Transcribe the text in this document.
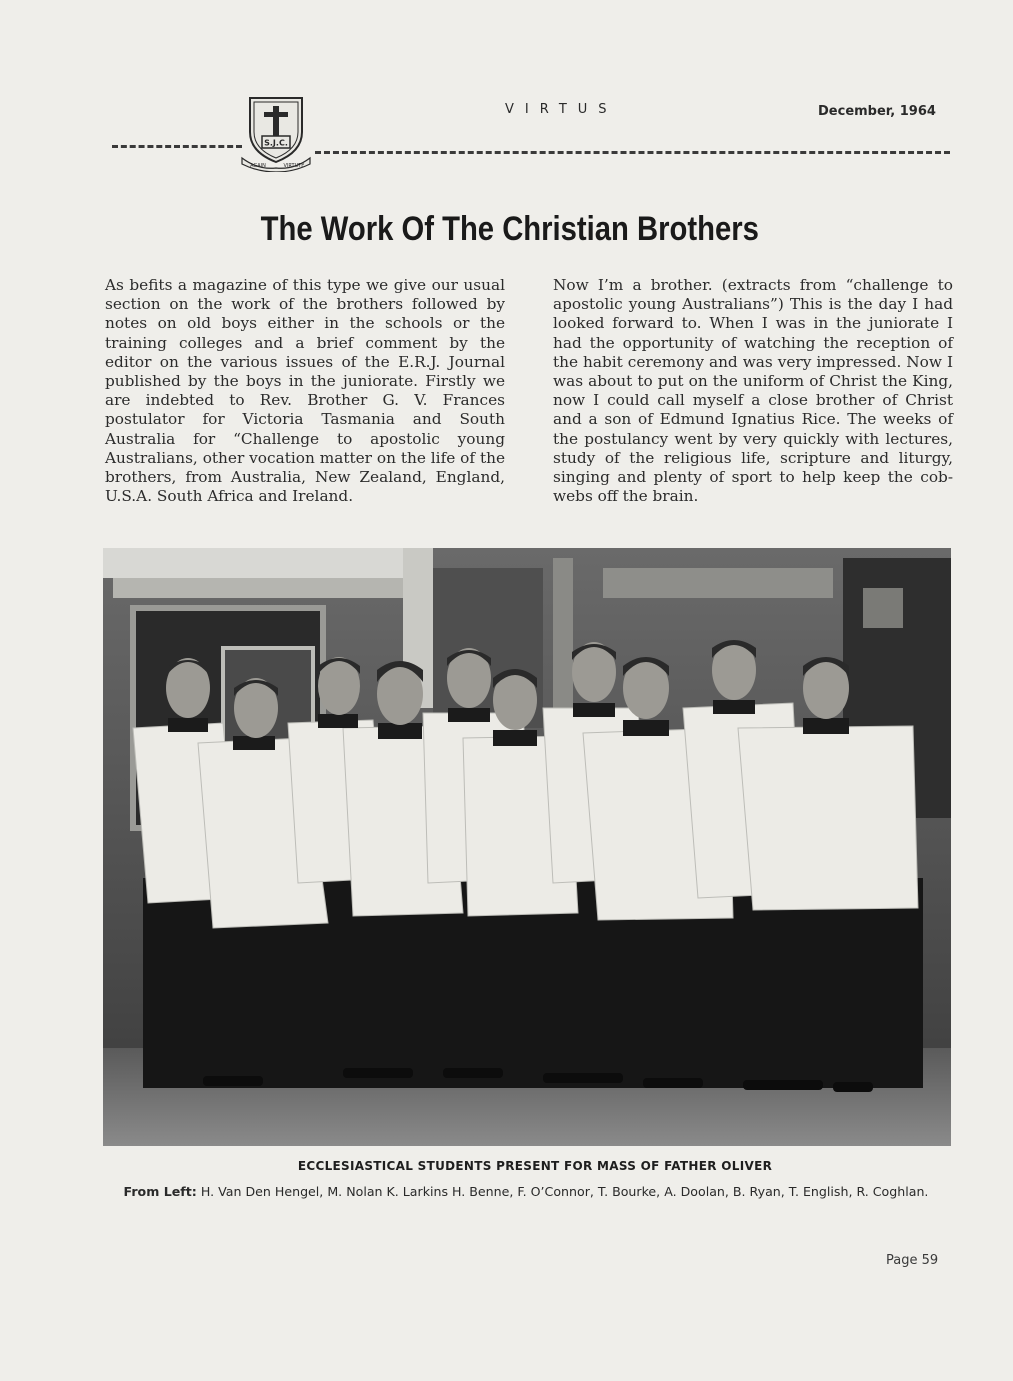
S.J.C.
AGAIN	VIRTUTE
VIRTUS	December, 1964
The Work Of The Christian Brothers

As befits a magazine of this type we give our usual section on the work of the brothers followed by notes on old boys either in the schools or the training colleges and a brief comment by the editor on the various issues of the E.R.J. Journal published by the boys in the juniorate. Firstly we are indebted to Rev. Brother G. V. Frances postulator for Victoria Tasmania and South Australia for “Challenge to apostolic young Australians, other vocation matter on the life of the brothers, from Australia, New Zealand, England, U.S.A. South Africa and Ireland.

Now I’m a brother. (extracts from “challenge to apostolic young Australians”) This is the day I had looked forward to. When I was in the juniorate I had the opportunity of watching the reception of the habit ceremony and was very impressed. Now I was about to put on the uniform of Christ the King, now I could call myself a close brother of Christ and a son of Edmund Ignatius Rice. The weeks of the postulancy went by very quickly with lectures, study of the religious life, scripture and liturgy, singing and plenty of sport to help keep the cob-webs off the brain.

ECCLESIASTICAL STUDENTS PRESENT FOR MASS OF FATHER OLIVER

From Left: H. Van Den Hengel, M. Nolan K. Larkins H. Benne, F. O’Connor, T. Bourke, A. Doolan, B. Ryan, T. English, R. Coghlan.

Page 59
